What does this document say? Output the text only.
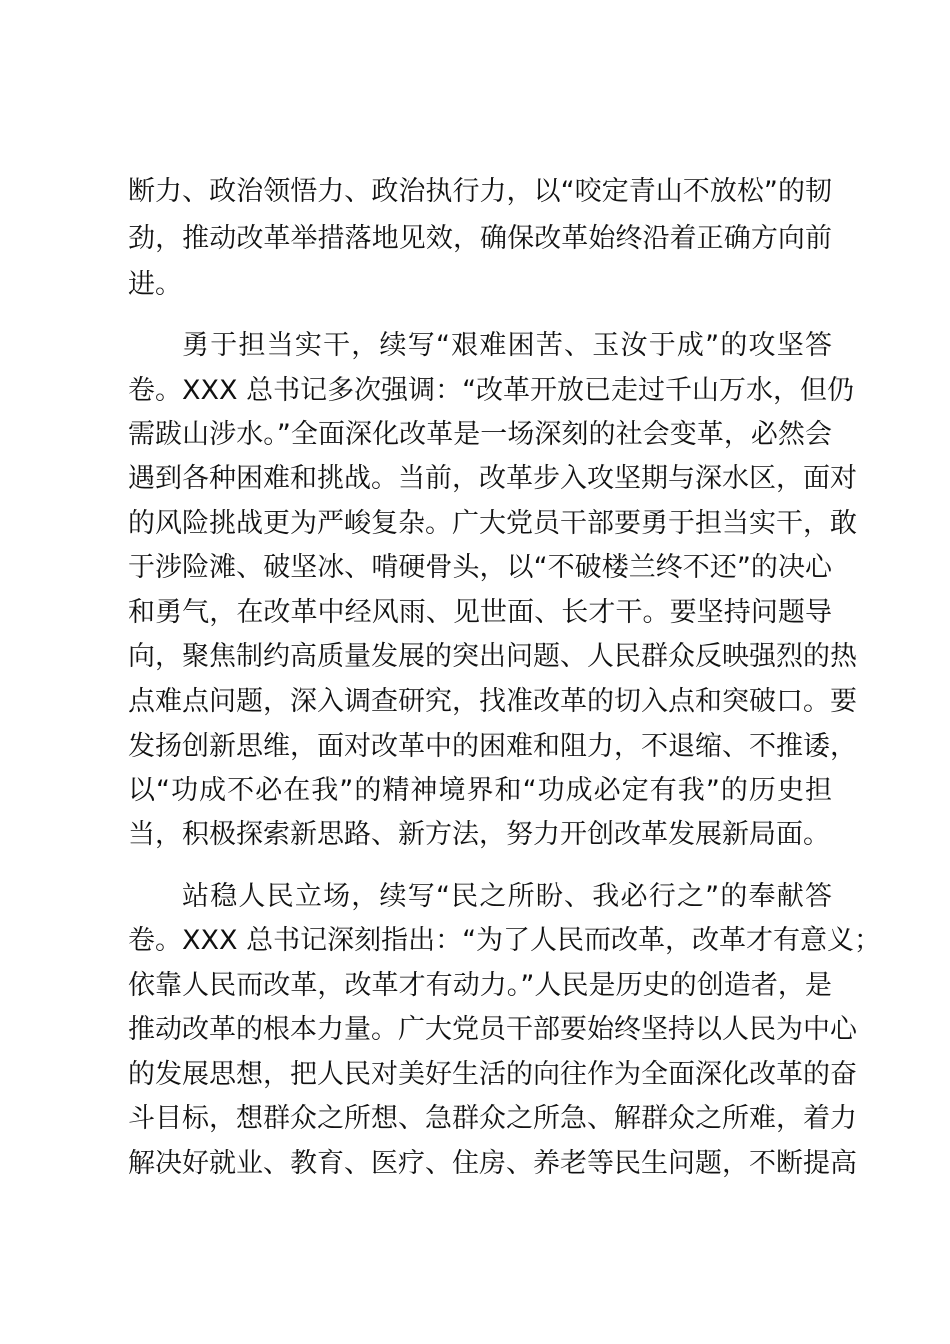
断力、政治领悟力、政治执行力，以“咬定青山不放松”的韧
劲，推动改革举措落地见效，确保改革始终沿着正确方向前
进。
勇于担当实干，续写“艰难困苦、玉汝于成”的攻坚答
卷。XXX 总书记多次强调：“改革开放已走过千山万水，但仍
需跋山涉水。”全面深化改革是一场深刻的社会变革，必然会
遇到各种困难和挑战。当前，改革步入攻坚期与深水区，面对
的风险挑战更为严峻复杂。广大党员干部要勇于担当实干，敢
于涉险滩、破坚冰、啃硬骨头，以“不破楼兰终不还”的决心
和勇气，在改革中经风雨、见世面、长才干。要坚持问题导
向，聚焦制约高质量发展的突出问题、人民群众反映强烈的热
点难点问题，深入调查研究，找准改革的切入点和突破口。要
发扬创新思维，面对改革中的困难和阻力，不退缩、不推诿，
以“功成不必在我”的精神境界和“功成必定有我”的历史担
当，积极探索新思路、新方法，努力开创改革发展新局面。
站稳人民立场，续写“民之所盼、我必行之”的奉献答
卷。XXX 总书记深刻指出：“为了人民而改革，改革才有意义；
依靠人民而改革，改革才有动力。”人民是历史的创造者，是
推动改革的根本力量。广大党员干部要始终坚持以人民为中心
的发展思想，把人民对美好生活的向往作为全面深化改革的奋
斗目标，想群众之所想、急群众之所急、解群众之所难，着力
解决好就业、教育、医疗、住房、养老等民生问题，不断提高
